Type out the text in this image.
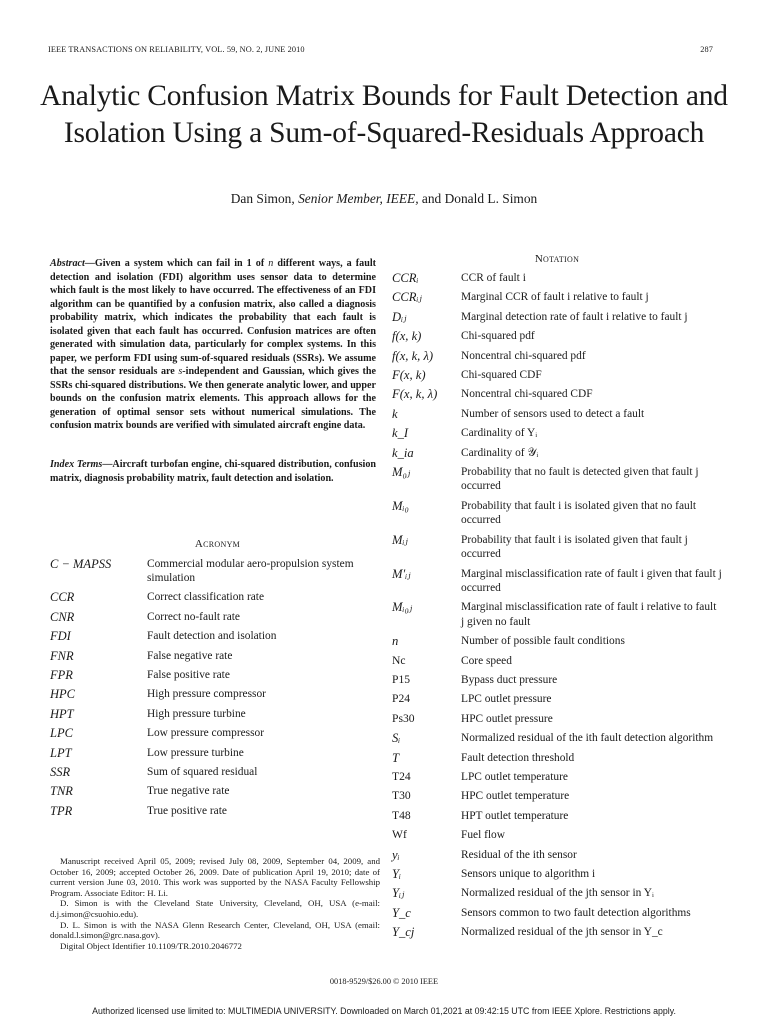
IEEE TRANSACTIONS ON RELIABILITY, VOL. 59, NO. 2, JUNE 2010	287
Analytic Confusion Matrix Bounds for Fault Detection and Isolation Using a Sum-of-Squared-Residuals Approach
Dan Simon, Senior Member, IEEE, and Donald L. Simon
Abstract—Given a system which can fail in 1 of n different ways, a fault detection and isolation (FDI) algorithm uses sensor data to determine which fault is the most likely to have occurred. The effectiveness of an FDI algorithm can be quantified by a confusion matrix, also called a diagnosis probability matrix, which indicates the probability that each fault is isolated given that each fault has occurred. Confusion matrices are often generated with simulation data, particularly for complex systems. In this paper, we perform FDI using sum-of-squared residuals (SSRs). We assume that the sensor residuals are s-independent and Gaussian, which gives the SSRs chi-squared distributions. We then generate analytic lower, and upper bounds on the confusion matrix elements. This approach allows for the generation of optimal sensor sets without numerical simulations. The confusion matrix bounds are verified with simulated aircraft engine data.
Index Terms—Aircraft turbofan engine, chi-squared distribution, confusion matrix, diagnosis probability matrix, fault detection and isolation.
Acronym
C − MAPSS	Commercial modular aero-propulsion system simulation
CCR	Correct classification rate
CNR	Correct no-fault rate
FDI	Fault detection and isolation
FNR	False negative rate
FPR	False positive rate
HPC	High pressure compressor
HPT	High pressure turbine
LPC	Low pressure compressor
LPT	Low pressure turbine
SSR	Sum of squared residual
TNR	True negative rate
TPR	True positive rate
Notation
CCRᵢ	CCR of fault i
CCRᵢⱼ	Marginal CCR of fault i relative to fault j
Dᵢⱼ	Marginal detection rate of fault i relative to fault j
f(x, k)	Chi-squared pdf
f(x, k, λ) Noncentral chi-squared pdf
F(x, k)	Chi-squared CDF
F(x, k, λ) Noncentral chi-squared CDF
k	Number of sensors used to detect a fault
k_I	Cardinality of Yᵢ
k_ia	Cardinality of 𝒴ᵢ
M₀ⱼ	Probability that no fault is detected given that fault j occurred
Mᵢ₀	Probability that fault i is isolated given that no fault occurred
Mᵢⱼ	Probability that fault i is isolated given that fault j occurred
M′ᵢⱼ	Marginal misclassification rate of fault i given that fault j occurred
Mᵢ₀ⱼ	Marginal misclassification rate of fault i relative to fault j given no fault
n	Number of possible fault conditions
Nc	Core speed
P15	Bypass duct pressure
P24	LPC outlet pressure
Ps30	HPC outlet pressure
Sᵢ	Normalized residual of the ith fault detection algorithm
T	Fault detection threshold
T24	LPC outlet temperature
T30	HPC outlet temperature
T48	HPT outlet temperature
Wf	Fuel flow
yᵢ	Residual of the ith sensor
Yᵢ	Sensors unique to algorithm i
Yᵢⱼ	Normalized residual of the jth sensor in Yᵢ
Y_c	Sensors common to two fault detection algorithms
Y_cj	Normalized residual of the jth sensor in Y_c

Manuscript received April 05, 2009; revised July 08, 2009, September 04, 2009, and October 16, 2009; accepted October 26, 2009. Date of publication April 19, 2010; date of current version June 03, 2010. This work was supported by the NASA Faculty Fellowship Program. Associate Editor: H. Li.

D. Simon is with the Cleveland State University, Cleveland, OH, USA (e-mail: d.j.simon@csuohio.edu).

D. L. Simon is with the NASA Glenn Research Center, Cleveland, OH, USA (email: donald.l.simon@grc.nasa.gov).

Digital Object Identifier 10.1109/TR.2010.2046772

0018-9529/$26.00 © 2010 IEEE
Authorized licensed use limited to: MULTIMEDIA UNIVERSITY. Downloaded on March 01,2021 at 09:42:15 UTC from IEEE Xplore. Restrictions apply.
